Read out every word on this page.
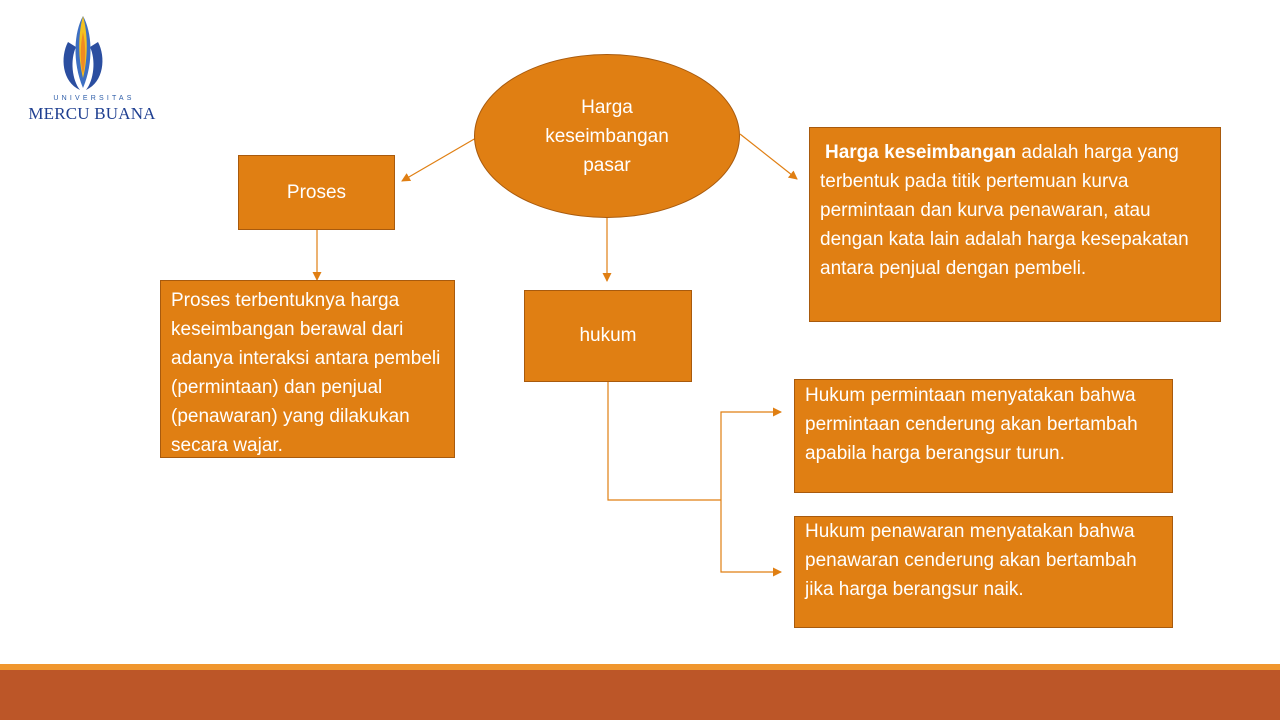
UNIVERSITAS
MERCU BUANA	Harga keseimbangan pasar
Proses
Proses terbentuknya harga keseimbangan berawal dari adanya interaksi antara pembeli (permintaan) dan penjual (penawaran) yang dilakukan secara wajar.
hukum
Hukum permintaan menyatakan bahwa permintaan cenderung akan bertambah apabila harga berangsur turun.
Hukum penawaran menyatakan bahwa penawaran cenderung akan bertambah jika harga berangsur naik.
Harga keseimbangan adalah harga yang terbentuk pada titik pertemuan kurva permintaan dan kurva penawaran, atau dengan kata lain adalah harga kesepakatan antara penjual dengan pembeli.
